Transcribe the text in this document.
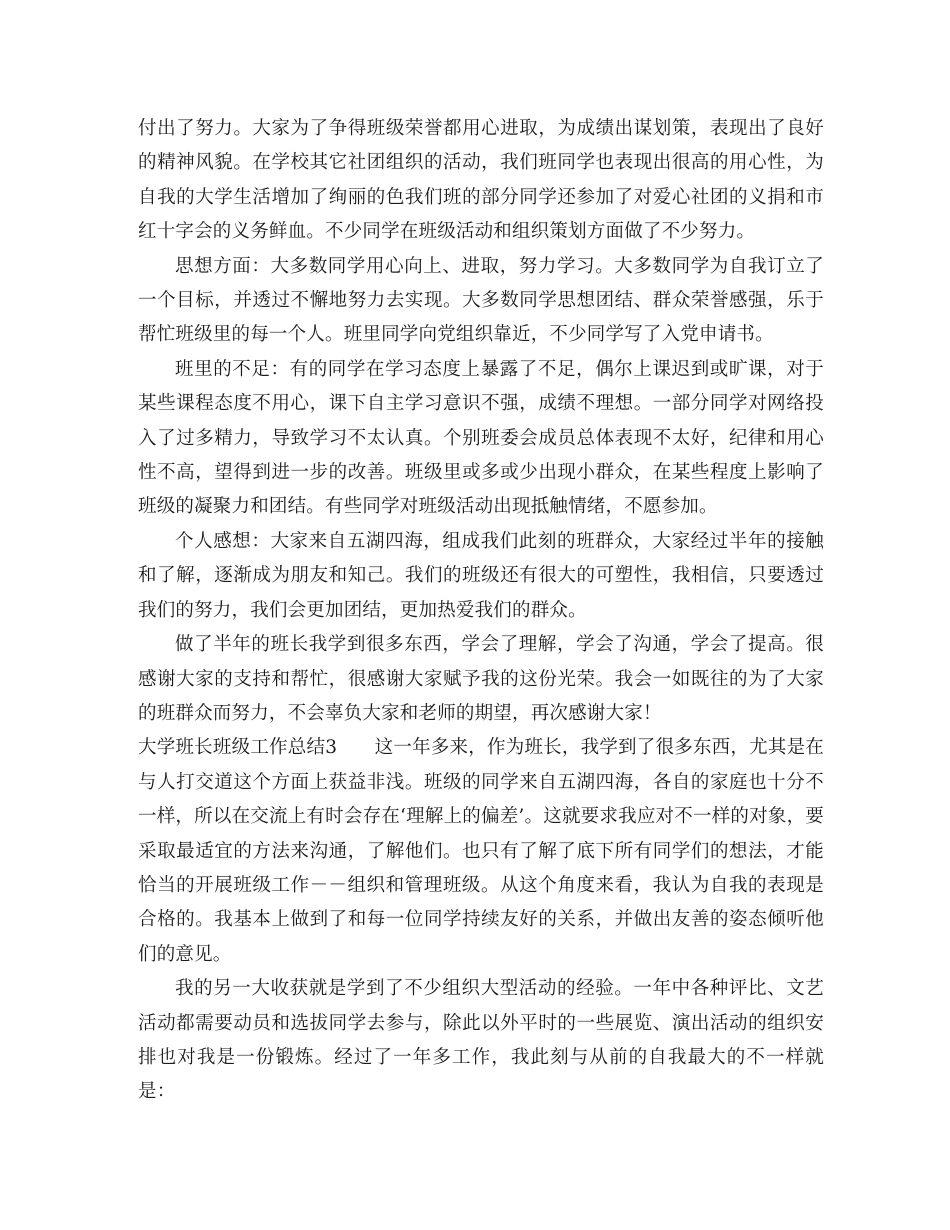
付出了努力。大家为了争得班级荣誉都用心进取，为成绩出谋划策，表现出了良好的精神风貌。在学校其它社团组织的活动，我们班同学也表现出很高的用心性，为自我的大学生活增加了绚丽的色我们班的部分同学还参加了对爱心社团的义捐和市红十字会的义务鲜血。不少同学在班级活动和组织策划方面做了不少努力。

思想方面：大多数同学用心向上、进取，努力学习。大多数同学为自我订立了一个目标，并透过不懈地努力去实现。大多数同学思想团结、群众荣誉感强，乐于帮忙班级里的每一个人。班里同学向党组织靠近，不少同学写了入党申请书。

班里的不足：有的同学在学习态度上暴露了不足，偶尔上课迟到或旷课，对于某些课程态度不用心，课下自主学习意识不强，成绩不理想。一部分同学对网络投入了过多精力，导致学习不太认真。个别班委会成员总体表现不太好，纪律和用心性不高，望得到进一步的改善。班级里或多或少出现小群众，在某些程度上影响了班级的凝聚力和团结。有些同学对班级活动出现抵触情绪，不愿参加。

个人感想：大家来自五湖四海，组成我们此刻的班群众，大家经过半年的接触和了解，逐渐成为朋友和知己。我们的班级还有很大的可塑性，我相信，只要透过我们的努力，我们会更加团结，更加热爱我们的群众。

做了半年的班长我学到很多东西，学会了理解，学会了沟通，学会了提高。很感谢大家的支持和帮忙，很感谢大家赋予我的这份光荣。我会一如既往的为了大家的班群众而努力，不会辜负大家和老师的期望，再次感谢大家！

大学班长班级工作总结3　　这一年多来，作为班长，我学到了很多东西，尤其是在与人打交道这个方面上获益非浅。班级的同学来自五湖四海，各自的家庭也十分不一样，所以在交流上有时会存在‘理解上的偏差’。这就要求我应对不一样的对象，要采取最适宜的方法来沟通，了解他们。也只有了解了底下所有同学们的想法，才能恰当的开展班级工作－－组织和管理班级。从这个角度来看，我认为自我的表现是合格的。我基本上做到了和每一位同学持续友好的关系，并做出友善的姿态倾听他们的意见。

我的另一大收获就是学到了不少组织大型活动的经验。一年中各种评比、文艺活动都需要动员和选拔同学去参与，除此以外平时的一些展览、演出活动的组织安排也对我是一份锻炼。经过了一年多工作，我此刻与从前的自我最大的不一样就是：
